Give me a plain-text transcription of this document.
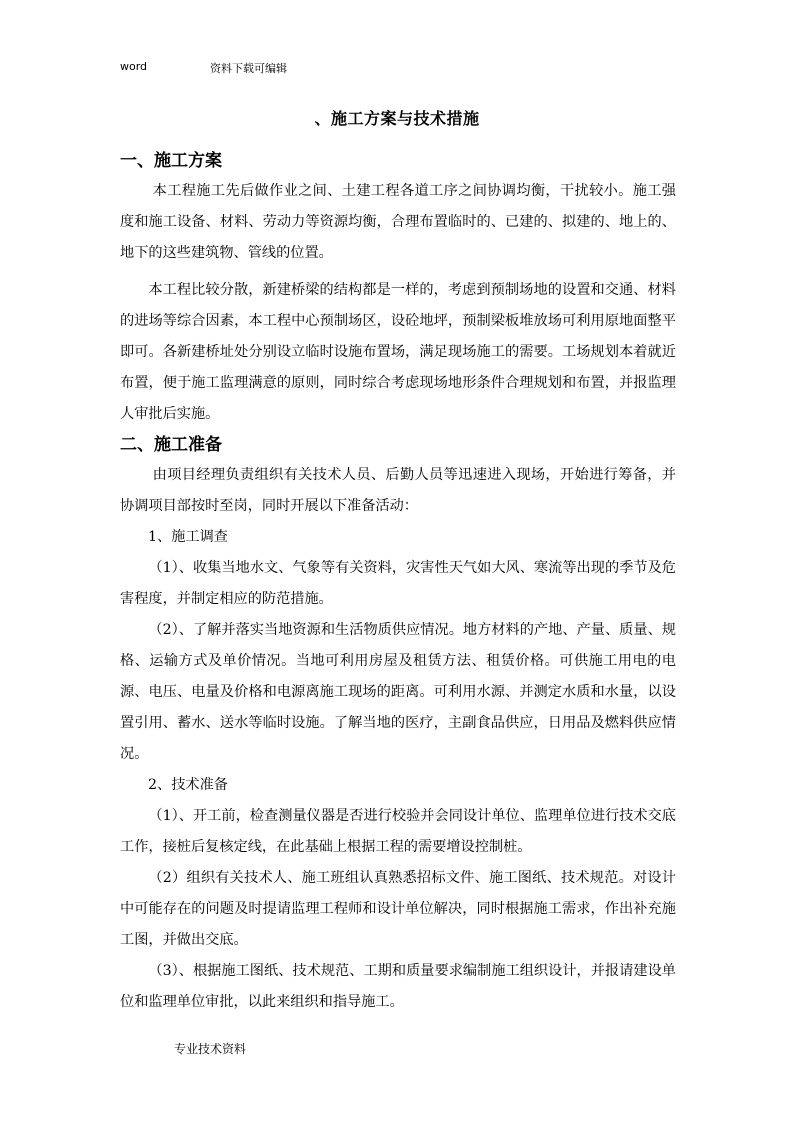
word	资料下载可编辑
、施工方案与技术措施
一、施工方案

本工程施工先后做作业之间、土建工程各道工序之间协调均衡，干扰较小。施工强度和施工设备、材料、劳动力等资源均衡，合理布置临时的、已建的、拟建的、地上的、地下的这些建筑物、管线的位置。

本工程比较分散，新建桥梁的结构都是一样的，考虑到预制场地的设置和交通、材料的进场等综合因素，本工程中心预制场区，设砼地坪，预制梁板堆放场可利用原地面整平即可。各新建桥址处分别设立临时设施布置场，满足现场施工的需要。工场规划本着就近布置，便于施工监理满意的原则，同时综合考虑现场地形条件合理规划和布置，并报监理人审批后实施。

二、施工准备

由项目经理负责组织有关技术人员、后勤人员等迅速进入现场，开始进行筹备，并协调项目部按时至岗，同时开展以下准备活动：

1、施工调查

（1）、收集当地水文、气象等有关资料，灾害性天气如大风、寒流等出现的季节及危害程度，并制定相应的防范措施。

（2）、了解并落实当地资源和生活物质供应情况。地方材料的产地、产量、质量、规格、运输方式及单价情况。当地可利用房屋及租赁方法、租赁价格。可供施工用电的电源、电压、电量及价格和电源离施工现场的距离。可利用水源、并测定水质和水量，以设置引用、蓄水、送水等临时设施。了解当地的医疗，主副食品供应，日用品及燃料供应情况。

2、技术准备

（1）、开工前，检查测量仪器是否进行校验并会同设计单位、监理单位进行技术交底工作，接桩后复核定线，在此基础上根据工程的需要增设控制桩。

（2）组织有关技术人、施工班组认真熟悉招标文件、施工图纸、技术规范。对设计中可能存在的问题及时提请监理工程师和设计单位解决，同时根据施工需求，作出补充施工图，并做出交底。

（3）、根据施工图纸、技术规范、工期和质量要求编制施工组织设计，并报请建设单位和监理单位审批，以此来组织和指导施工。

专业技术资料
